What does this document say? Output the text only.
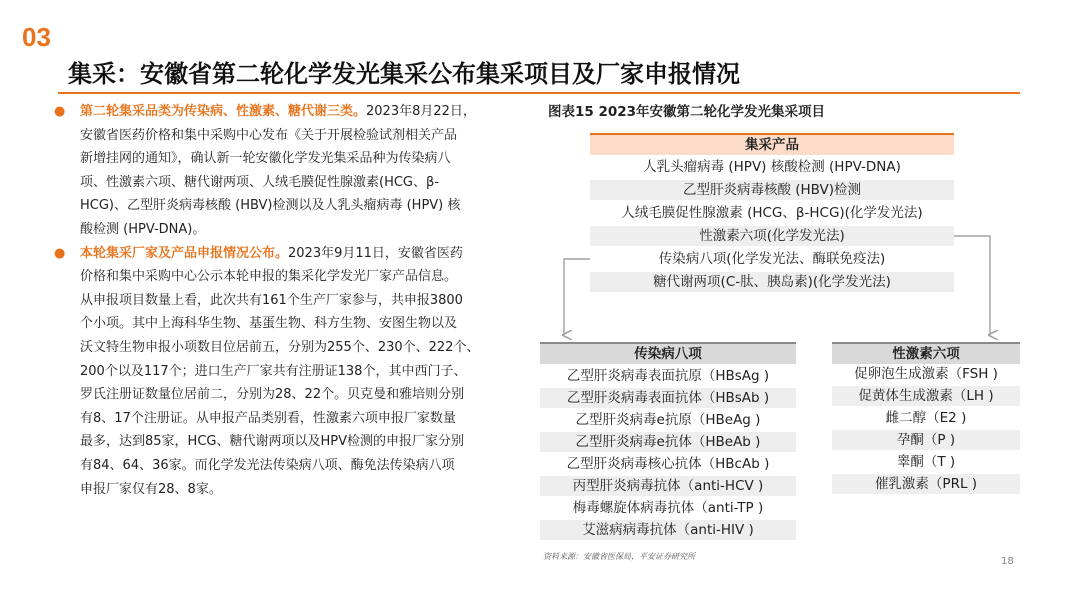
03
集采：安徽省第二轮化学发光集采公布集采项目及厂家申报情况
● 第二轮集采品类为传染病、性激素、糖代谢三类。2023年8月22日，
安徽省医药价格和集中采购中心发布《关于开展检验试剂相关产品
新增挂网的通知》，确认新一轮安徽化学发光集采品种为传染病八
项、性激素六项、糖代谢两项、人绒毛膜促性腺激素(HCG、β-
HCG)、乙型肝炎病毒核酸 (HBV)检测以及人乳头瘤病毒 (HPV) 核
酸检测 (HPV-DNA)。
● 本轮集采厂家及产品申报情况公布。2023年9月11日，安徽省医药
价格和集中采购中心公示本轮申报的集采化学发光厂家产品信息。
从申报项目数量上看，此次共有161个生产厂家参与，共申报3800
个小项。其中上海科华生物、基蛋生物、科方生物、安图生物以及
沃文特生物申报小项数目位居前五，分别为255个、230个、222个、
200个以及117个；进口生产厂家共有注册证138个，其中西门子、
罗氏注册证数量位居前二，分别为28、22个。贝克曼和雅培则分别
有8、17个注册证。从申报产品类别看，性激素六项申报厂家数量
最多，达到85家，HCG、糖代谢两项以及HPV检测的申报厂家分别
有84、64、36家。而化学发光法传染病八项、酶免法传染病八项
申报厂家仅有28、8家。
图表15 2023年安徽第二轮化学发光集采项目
集采产品
人乳头瘤病毒 (HPV) 核酸检测 (HPV-DNA)
乙型肝炎病毒核酸 (HBV)检测
人绒毛膜促性腺激素 (HCG、β-HCG)(化学发光法)
性激素六项(化学发光法)
传染病八项(化学发光法、酶联免疫法)
糖代谢两项(C-肽、胰岛素)(化学发光法)
传染病八项
乙型肝炎病毒表面抗原（HBsAg )
乙型肝炎病毒表面抗体（HBsAb )
乙型肝炎病毒e抗原（HBeAg )
乙型肝炎病毒e抗体（HBeAb )
乙型肝炎病毒核心抗体（HBcAb )
丙型肝炎病毒抗体（anti-HCV )
梅毒螺旋体病毒抗体（anti-TP )
艾滋病病毒抗体（anti-HIV )
性激素六项
促卵泡生成激素（FSH )
促黄体生成激素（LH )
雌二醇（E2 )
孕酮（P )
睾酮（T )
催乳激素（PRL )
资料来源：安徽省医保局，平安证券研究所	18
